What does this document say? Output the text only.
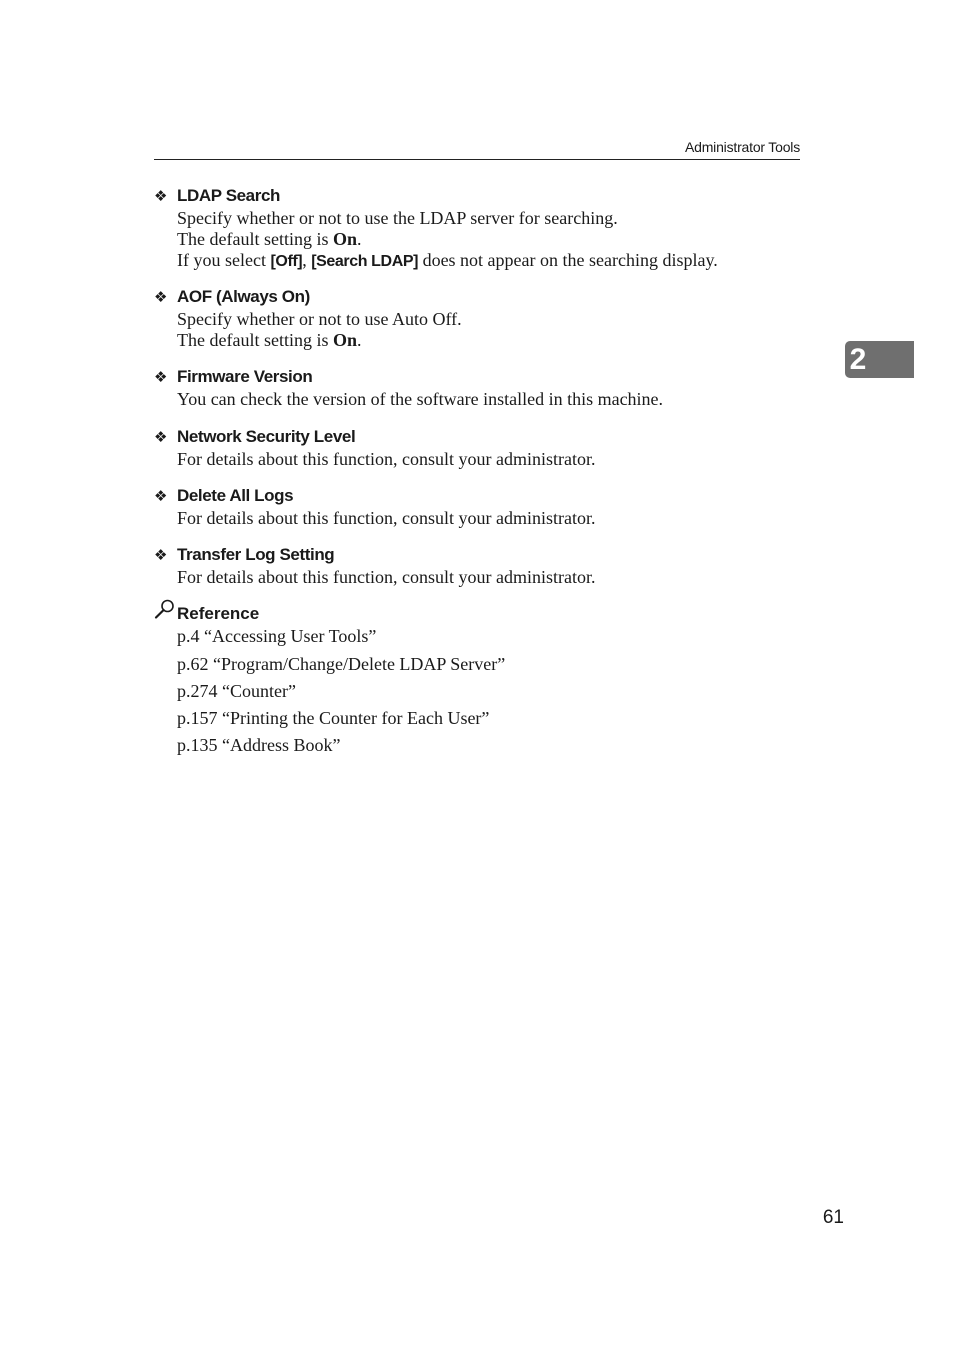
Administrator Tools
2
❖ LDAP Search
Specify whether or not to use the LDAP server for searching.
The default setting is On.
If you select [Off], [Search LDAP] does not appear on the searching display.
❖ AOF (Always On)
Specify whether or not to use Auto Off.
The default setting is On.
❖ Firmware Version
You can check the version of the software installed in this machine.
❖ Network Security Level
For details about this function, consult your administrator.
❖ Delete All Logs
For details about this function, consult your administrator.
❖ Transfer Log Setting
For details about this function, consult your administrator.
Reference
p.4 “Accessing User Tools”
p.62 “Program/Change/Delete LDAP Server”
p.274 “Counter”
p.157 “Printing the Counter for Each User”
p.135 “Address Book”
61
